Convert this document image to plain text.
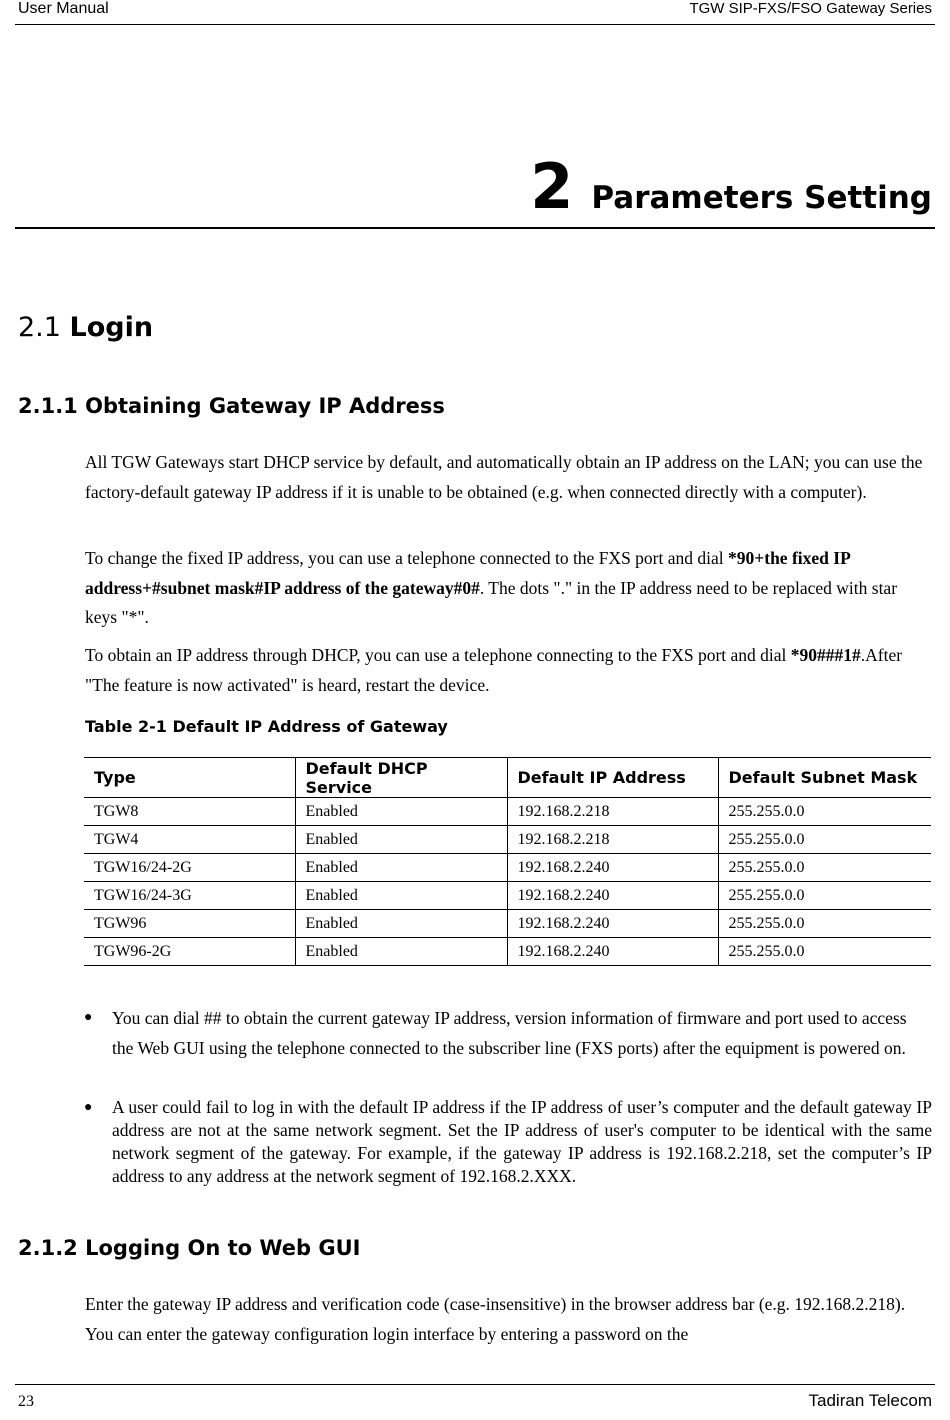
User Manual	TGW SIP-FXS/FSO Gateway Series
2 Parameters Setting
2.1 Login
2.1.1 Obtaining Gateway IP Address
All TGW Gateways start DHCP service by default, and automatically obtain an IP address on the LAN; you can use the factory-default gateway IP address if it is unable to be obtained (e.g. when connected directly with a computer).
To change the fixed IP address, you can use a telephone connected to the FXS port and dial *90+the fixed IP address+#subnet mask#IP address of the gateway#0#. The dots "." in the IP address need to be replaced with star keys "*".
To obtain an IP address through DHCP, you can use a telephone connecting to the FXS port and dial *90###1#.After "The feature is now activated" is heard, restart the device.
Table 2-1 Default IP Address of Gateway
Type	Default DHCP Service	Default IP Address	Default Subnet Mask
TGW8	Enabled	192.168.2.218	255.255.0.0
TGW4	Enabled	192.168.2.218	255.255.0.0
TGW16/24-2G	Enabled	192.168.2.240	255.255.0.0
TGW16/24-3G	Enabled	192.168.2.240	255.255.0.0
TGW96	Enabled	192.168.2.240	255.255.0.0
TGW96-2G	Enabled	192.168.2.240	255.255.0.0
● You can dial ## to obtain the current gateway IP address, version information of firmware and port used to access the Web GUI using the telephone connected to the subscriber line (FXS ports) after the equipment is powered on.
● A user could fail to log in with the default IP address if the IP address of user’s computer and the default gateway IP address are not at the same network segment. Set the IP address of user's computer to be identical with the same network segment of the gateway. For example, if the gateway IP address is 192.168.2.218, set the computer’s IP address to any address at the network segment of 192.168.2.XXX.
2.1.2 Logging On to Web GUI
Enter the gateway IP address and verification code (case-insensitive) in the browser address bar (e.g. 192.168.2.218). You can enter the gateway configuration login interface by entering a password on the
23	Tadiran Telecom
